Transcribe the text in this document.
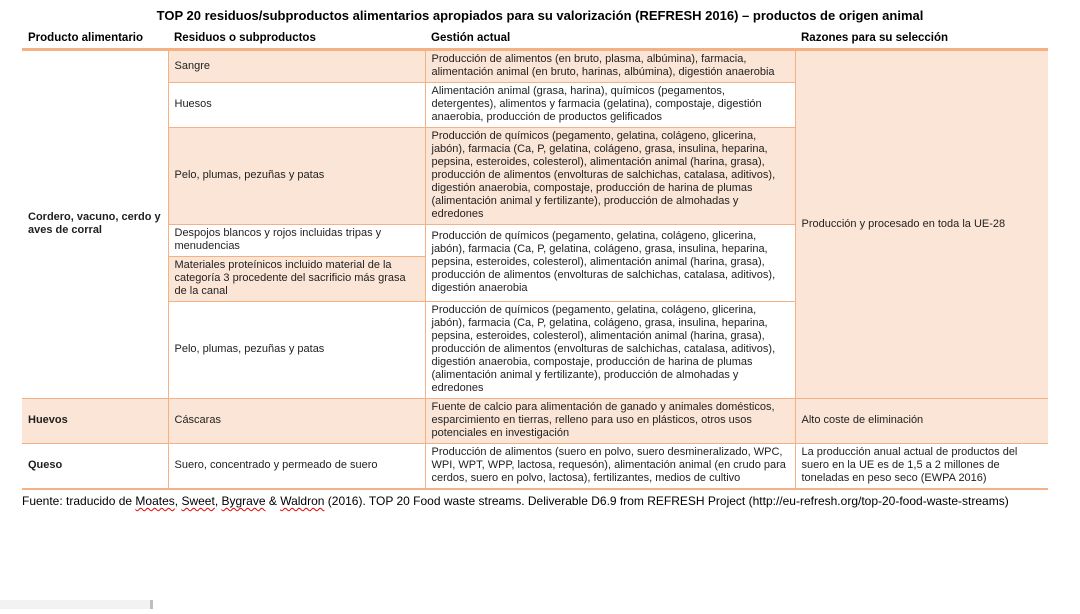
TOP 20 residuos/subproductos alimentarios apropiados para su valorización (REFRESH 2016) – productos de origen animal
Producto alimentario	Residuos o subproductos	Gestión actual	Razones para su selección
Cordero, vacuno, cerdo y aves de corral	Sangre	Producción de alimentos (en bruto, plasma, albúmina), farmacia, alimentación animal (en bruto, harinas, albúmina), digestión anaerobia	Producción y procesado en toda la UE-28
	Huesos	Alimentación animal (grasa, harina), químicos (pegamentos, detergentes), alimentos y farmacia (gelatina), compostaje, digestión anaerobia, producción de productos gelificados	
	Pelo, plumas, pezuñas y patas	Producción de químicos (pegamento, gelatina, colágeno, glicerina, jabón), farmacia (Ca, P, gelatina, colágeno, grasa, insulina, heparina, pepsina, esteroides, colesterol), alimentación animal (harina, grasa), producción de alimentos (envolturas de salchichas, catalasa, aditivos), digestión anaerobia, compostaje, producción de harina de plumas (alimentación animal y fertilizante), producción de almohadas y edredones	
	Despojos blancos y rojos incluidas tripas y menudencias	Producción de químicos (pegamento, gelatina, colágeno, glicerina, jabón), farmacia (Ca, P, gelatina, colágeno, grasa, insulina, heparina, pepsina, esteroides, colesterol), alimentación animal (harina, grasa), producción de alimentos (envolturas de salchichas, catalasa, aditivos), digestión anaerobia	
	Materiales proteínicos incluido material de la categoría 3 procedente del sacrificio más grasa de la canal		
	Pelo, plumas, pezuñas y patas	Producción de químicos (pegamento, gelatina, colágeno, glicerina, jabón), farmacia (Ca, P, gelatina, colágeno, grasa, insulina, heparina, pepsina, esteroides, colesterol), alimentación animal (harina, grasa), producción de alimentos (envolturas de salchichas, catalasa, aditivos), digestión anaerobia, compostaje, producción de harina de plumas (alimentación animal y fertilizante), producción de almohadas y edredones	
Huevos	Cáscaras	Fuente de calcio para alimentación de ganado y animales domésticos, esparcimiento en tierras, relleno para uso en plásticos, otros usos potenciales en investigación	Alto coste de eliminación
Queso	Suero, concentrado y permeado de suero	Producción de alimentos (suero en polvo, suero desmineralizado, WPC, WPI, WPT, WPP, lactosa, requesón), alimentación animal (en crudo para cerdos, suero en polvo, lactosa), fertilizantes, medios de cultivo	La producción anual actual de productos del suero en la UE es de 1,5 a 2 millones de toneladas en peso seco (EWPA 2016)
Fuente: traducido de Moates, Sweet, Bygrave & Waldron (2016). TOP 20 Food waste streams. Deliverable D6.9 from REFRESH Project (http://eu-refresh.org/top-20-food-waste-streams)
